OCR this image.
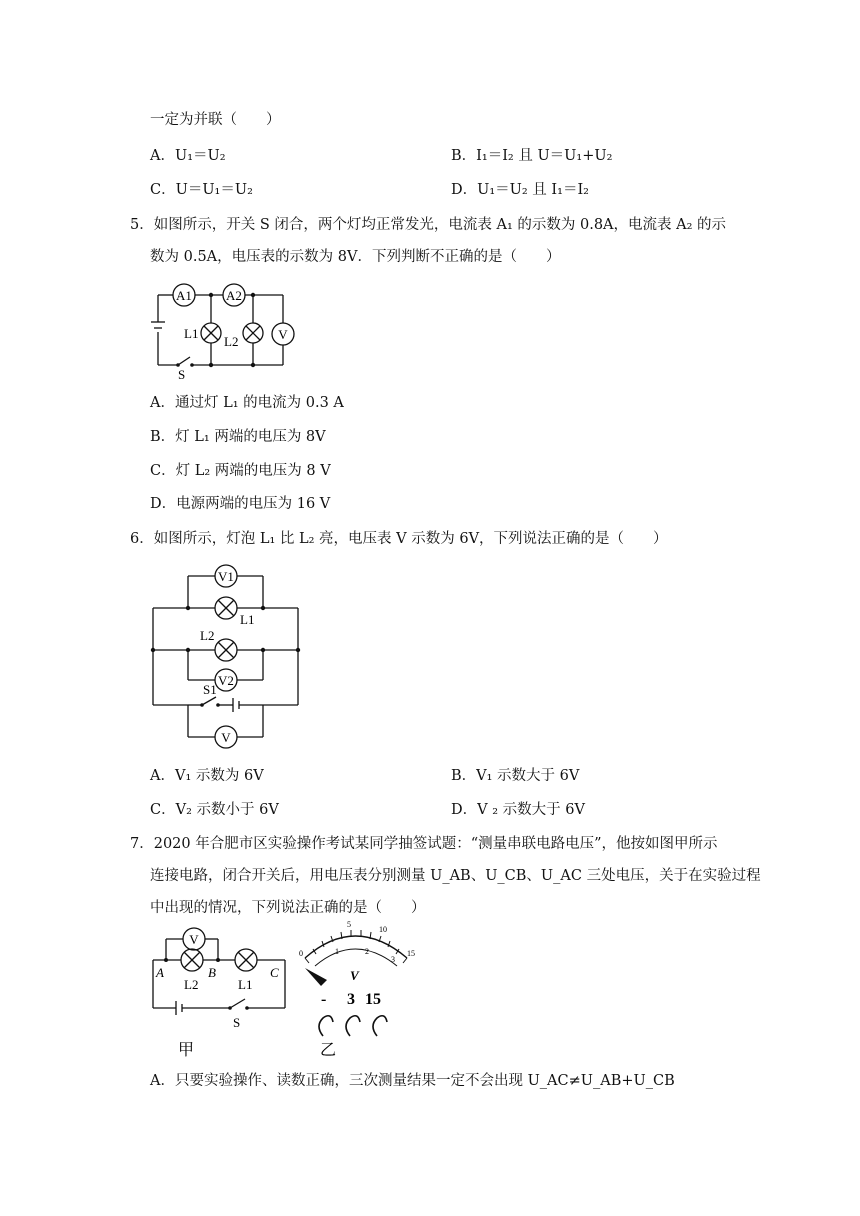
一定为并联（　　）
A．U₁＝U₂	B．I₁＝I₂ 且 U＝U₁+U₂
C．U＝U₁＝U₂	D．U₁＝U₂ 且 I₁＝I₂
5．如图所示，开关 S 闭合，两个灯均正常发光，电流表 A₁ 的示数为 0.8A，电流表 A₂ 的示
数为 0.5A，电压表的示数为 8V．下列判断不正确的是（　　）
A1	A2
V
L1
L2
S
A．通过灯 L₁ 的电流为 0.3 A
B．灯 L₁ 两端的电压为 8V
C．灯 L₂ 两端的电压为 8 V
D．电源两端的电压为 16 V
6．如图所示，灯泡 L₁ 比 L₂ 亮，电压表 V 示数为 6V，下列说法正确的是（　　）
V1
L1
L2
V2
S1
V
A．V₁ 示数为 6V	B．V₁ 示数大于 6V
C．V₂ 示数小于 6V	D．V ₂ 示数大于 6V
7．2020 年合肥市区实验操作考试某同学抽签试题：“测量串联电路电压”，他按如图甲所示
连接电路，闭合开关后，用电压表分别测量 U_AB、U_CB、U_AC 三处电压，关于在实验过程
中出现的情况，下列说法正确的是（　　）
V
A	B	C
L2	L1
S
甲
5
10
0	15
1	2
3
V
- 3 15
乙
A．只要实验操作、读数正确，三次测量结果一定不会出现 U_AC≠U_AB+U_CB
